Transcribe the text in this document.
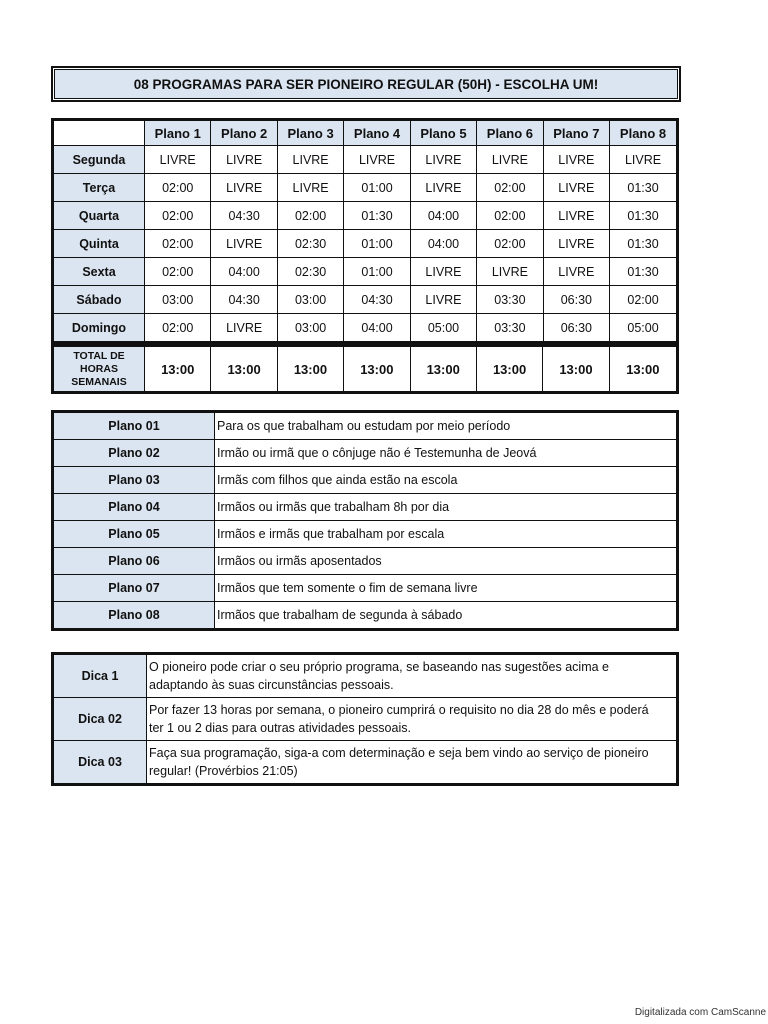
08 PROGRAMAS PARA SER PIONEIRO REGULAR (50H) - ESCOLHA UM!
	Plano 1	Plano 2	Plano 3	Plano 4	Plano 5	Plano 6	Plano 7	Plano 8
Segunda	LIVRE	LIVRE	LIVRE	LIVRE	LIVRE	LIVRE	LIVRE	LIVRE
Terça	02:00	LIVRE	LIVRE	01:00	LIVRE	02:00	LIVRE	01:30
Quarta	02:00	04:30	02:00	01:30	04:00	02:00	LIVRE	01:30
Quinta	02:00	LIVRE	02:30	01:00	04:00	02:00	LIVRE	01:30
Sexta	02:00	04:00	02:30	01:00	LIVRE	LIVRE	LIVRE	01:30
Sábado	03:00	04:30	03:00	04:30	LIVRE	03:30	06:30	02:00
Domingo	02:00	LIVRE	03:00	04:00	05:00	03:30	06:30	05:00
TOTAL DE
HORAS
SEMANAIS
	13:00	13:00	13:00	13:00	13:00	13:00	13:00	13:00
Plano 01	Para os que trabalham ou estudam por meio período
Plano 02	Irmão ou irmã que o cônjuge não é Testemunha de Jeová
Plano 03	Irmãs com filhos que ainda estão na escola
Plano 04	Irmãos ou irmãs que trabalham 8h por dia
Plano 05	Irmãos e irmãs que trabalham por escala
Plano 06	Irmãos ou irmãs aposentados
Plano 07	Irmãos que tem somente o fim de semana livre
Plano 08	Irmãos que trabalham de segunda à sábado
Dica 1	O pioneiro pode criar o seu próprio programa, se baseando nas sugestões acima e
adaptando às suas circunstâncias pessoais.

Dica 02	Por fazer 13 horas por semana, o pioneiro cumprirá o requisito no dia 28 do mês e poderá
ter 1 ou 2 dias para outras atividades pessoais.

Dica 03	Faça sua programação, siga-a com determinação e seja bem vindo ao serviço de pioneiro
regular! (Provérbios 21:05)
Digitalizada com CamScanne
